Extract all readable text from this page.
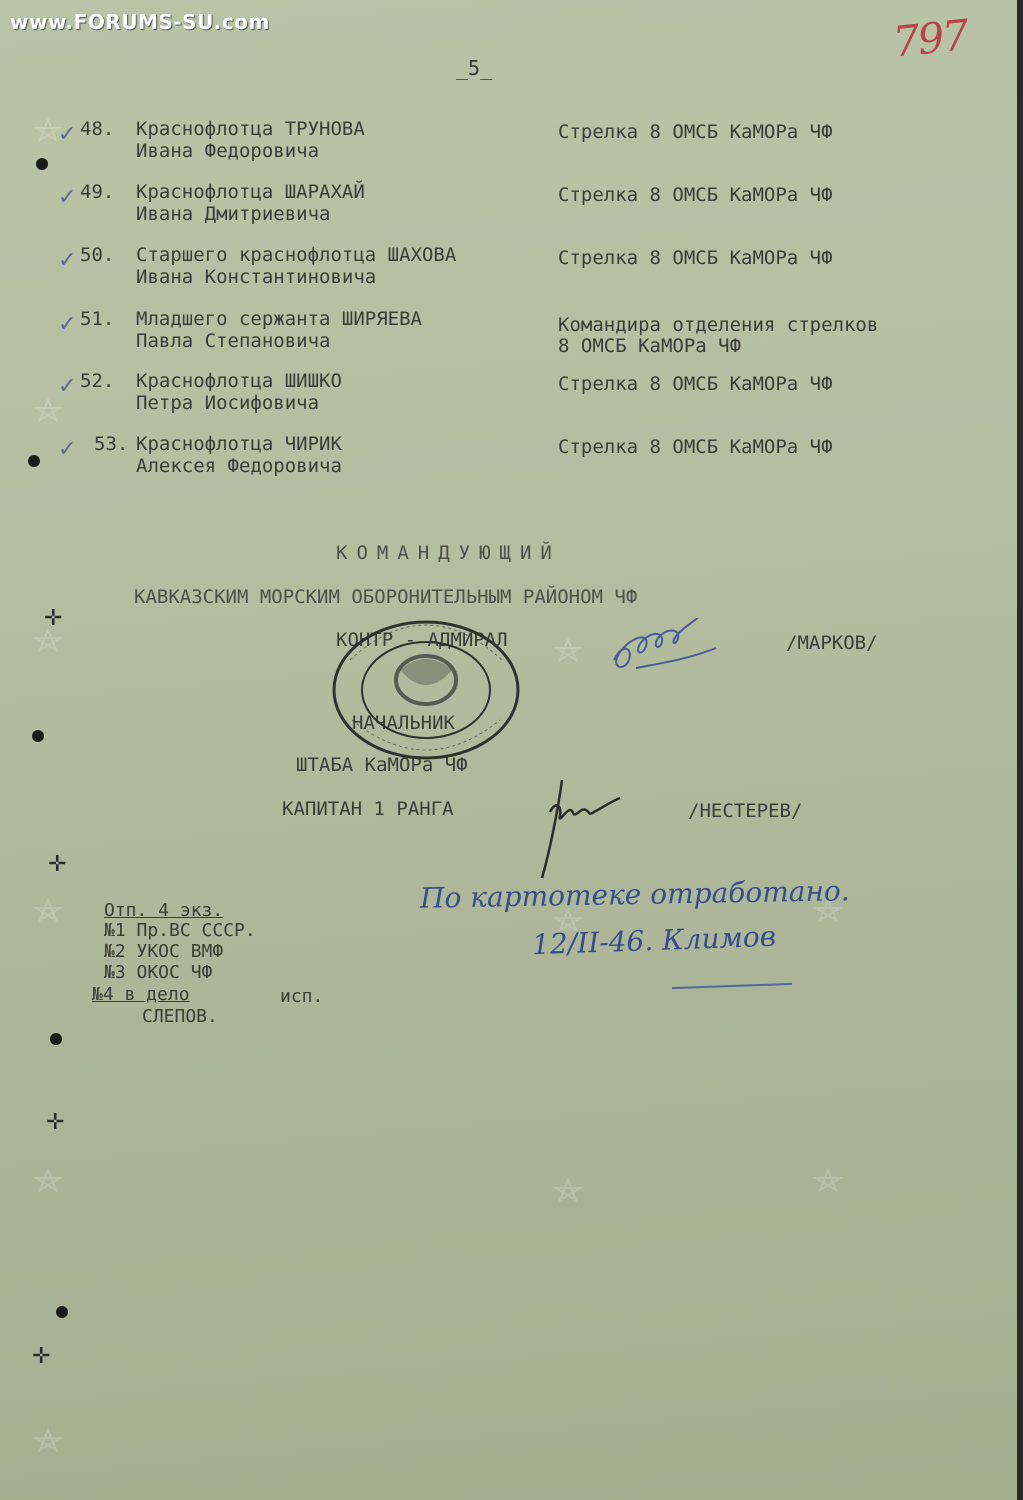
www.FORUMS-SU.com
_5_
797
✓ 48. Краснофлотца ТРУНОВА
Ивана Федоровича
Стрелка 8 ОМСБ КаМОРа ЧФ
✓ 49. Краснофлотца ШАРАХАЙ
Ивана Дмитриевича
Стрелка 8 ОМСБ КаМОРа ЧФ
✓ 50. Старшего краснофлотца ШАХОВА
Ивана Константиновича
Стрелка 8 ОМСБ КаМОРа ЧФ
✓ 51. Младшего сержанта ШИРЯЕВА
Павла Степановича
Командира отделения стрелков
8 ОМСБ КаМОРа ЧФ
✓ 52. Краснофлотца ШИШКО
Петра Иосифовича
Стрелка 8 ОМСБ КаМОРа ЧФ
✓ 53. Краснофлотца ЧИРИК
Алексея Федоровича
Стрелка 8 ОМСБ КаМОРа ЧФ
КОМАНДУЮЩИЙ
КАВКАЗСКИМ МОРСКИМ ОБОРОНИТЕЛЬНЫМ РАЙОНОМ ЧФ
КОНТР - АДМИРАЛ	/МАРКОВ/
НАЧАЛЬНИК
ШТАБА КаМОРа ЧФ
КАПИТАН 1 РАНГА	/НЕСТЕРЕВ/
По картотеке отработано.
12/II-46. Климов
Отп. 4 экз.
№1 Пр.ВС СССР.
№2 УКОС ВМФ
№3 ОКОС ЧФ
№4 в дело	исп.
СЛЕПОВ.
✛
✛
✛
✛
